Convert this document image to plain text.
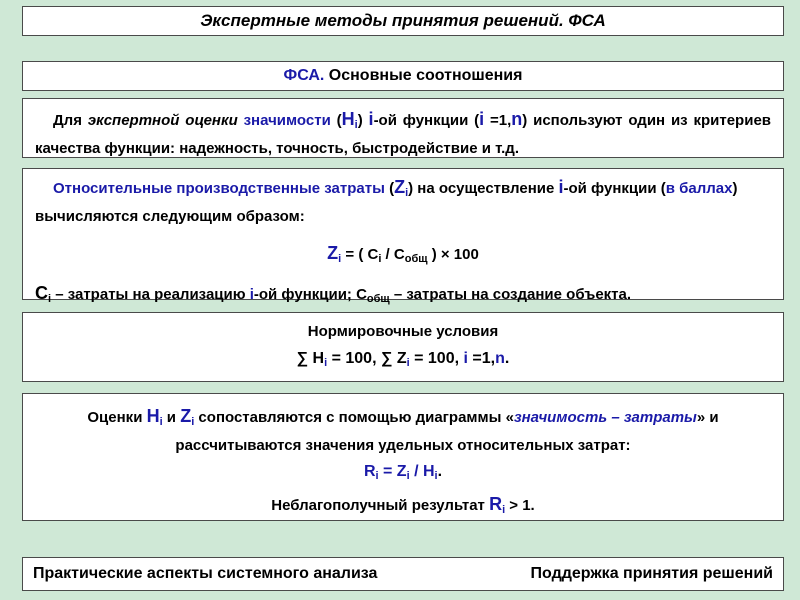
Экспертные методы принятия решений. ФСА
ФСА. Основные соотношения
Для экспертной оценки значимости $(H_i)$ i-ой функции (i =1,n) используют один из критериев качества функции: надежность, точность, быстродействие и т.д.
Относительные производственные затраты $(Z_i)$ на осуществление i-ой функции (в баллах) вычисляются следующим образом:
$Z_i$ = ( $C_i / C_{общ}$ ) × 100
$C_i$ – затраты на реализацию i-ой функции; $C_{общ}$ – затраты на создание объекта.
Нормировочные условия
∑ $H_i = 100$, ∑ $Z_i = 100$, i =1,n.
Оценки $H_i$ и $Z_i$ сопоставляются с помощью диаграммы «значимость – затраты» и рассчитываются значения удельных относительных затрат:
$R_i = Z_i / H_i$.
Неблагополучный результат $R_i > 1$.
Практические аспекты системного анализа	Поддержка принятия решений
